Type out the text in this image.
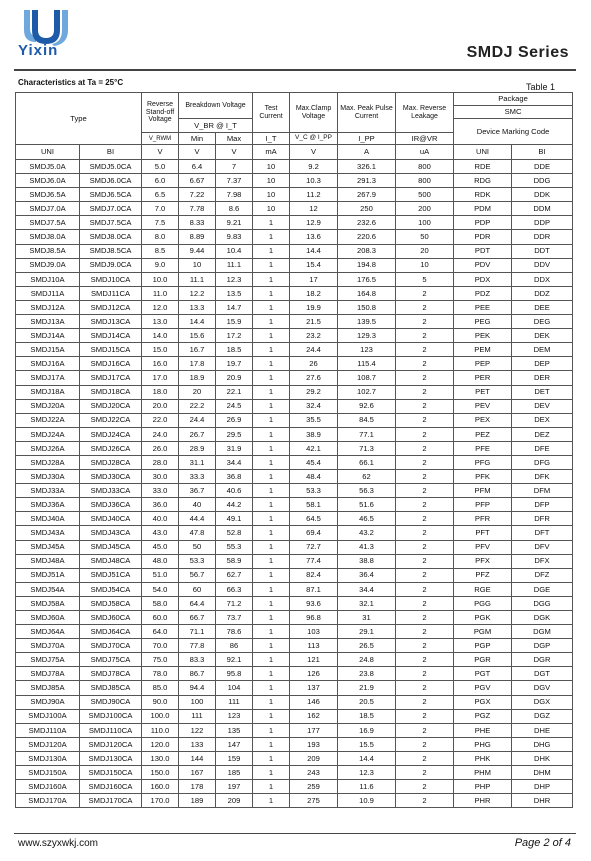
Yixin	SMDJ Series
Characteristics at Ta = 25°C	Table 1
Type		Reverse Stand-off Voltage	Breakdown Voltage		Test Current	Max.Clamp Voltage	Max. Peak Pulse Current	Max. Reverse Leakage	Package
SMC	

			V_BR @ I_T						Device Marking Code	
		V_RWM	Min	Max	I_T	V_C @ I_PP	I_PP	IR@VR		
UNI	BI	V	V	V	mA	V	A	uA	UNI	BI
SMDJ5.0A	SMDJ5.0CA	5.0	6.4	7	10	9.2	326.1	800	RDE	DDE
SMDJ6.0A	SMDJ6.0CA	6.0	6.67	7.37	10	10.3	291.3	800	RDG	DDG
SMDJ6.5A	SMDJ6.5CA	6.5	7.22	7.98	10	11.2	267.9	500	RDK	DDK
SMDJ7.0A	SMDJ7.0CA	7.0	7.78	8.6	10	12	250	200	PDM	DDM
SMDJ7.5A	SMDJ7.5CA	7.5	8.33	9.21	1	12.9	232.6	100	PDP	DDP
SMDJ8.0A	SMDJ8.0CA	8.0	8.89	9.83	1	13.6	220.6	50	PDR	DDR
SMDJ8.5A	SMDJ8.5CA	8.5	9.44	10.4	1	14.4	208.3	20	PDT	DDT
SMDJ9.0A	SMDJ9.0CA	9.0	10	11.1	1	15.4	194.8	10	PDV	DDV
SMDJ10A	SMDJ10CA	10.0	11.1	12.3	1	17	176.5	5	PDX	DDX
SMDJ11A	SMDJ11CA	11.0	12.2	13.5	1	18.2	164.8	2	PDZ	DDZ
SMDJ12A	SMDJ12CA	12.0	13.3	14.7	1	19.9	150.8	2	PEE	DEE
SMDJ13A	SMDJ13CA	13.0	14.4	15.9	1	21.5	139.5	2	PEG	DEG
SMDJ14A	SMDJ14CA	14.0	15.6	17.2	1	23.2	129.3	2	PEK	DEK
SMDJ15A	SMDJ15CA	15.0	16.7	18.5	1	24.4	123	2	PEM	DEM
SMDJ16A	SMDJ16CA	16.0	17.8	19.7	1	26	115.4	2	PEP	DEP
SMDJ17A	SMDJ17CA	17.0	18.9	20.9	1	27.6	108.7	2	PER	DER
SMDJ18A	SMDJ18CA	18.0	20	22.1	1	29.2	102.7	2	PET	DET
SMDJ20A	SMDJ20CA	20.0	22.2	24.5	1	32.4	92.6	2	PEV	DEV
SMDJ22A	SMDJ22CA	22.0	24.4	26.9	1	35.5	84.5	2	PEX	DEX
SMDJ24A	SMDJ24CA	24.0	26.7	29.5	1	38.9	77.1	2	PEZ	DEZ
SMDJ26A	SMDJ26CA	26.0	28.9	31.9	1	42.1	71.3	2	PFE	DFE
SMDJ28A	SMDJ28CA	28.0	31.1	34.4	1	45.4	66.1	2	PFG	DFG
SMDJ30A	SMDJ30CA	30.0	33.3	36.8	1	48.4	62	2	PFK	DFK
SMDJ33A	SMDJ33CA	33.0	36.7	40.6	1	53.3	56.3	2	PFM	DFM
SMDJ36A	SMDJ36CA	36.0	40	44.2	1	58.1	51.6	2	PFP	DFP
SMDJ40A	SMDJ40CA	40.0	44.4	49.1	1	64.5	46.5	2	PFR	DFR
SMDJ43A	SMDJ43CA	43.0	47.8	52.8	1	69.4	43.2	2	PFT	DFT
SMDJ45A	SMDJ45CA	45.0	50	55.3	1	72.7	41.3	2	PFV	DFV
SMDJ48A	SMDJ48CA	48.0	53.3	58.9	1	77.4	38.8	2	PFX	DFX
SMDJ51A	SMDJ51CA	51.0	56.7	62.7	1	82.4	36.4	2	PFZ	DFZ
SMDJ54A	SMDJ54CA	54.0	60	66.3	1	87.1	34.4	2	RGE	DGE
SMDJ58A	SMDJ58CA	58.0	64.4	71.2	1	93.6	32.1	2	PGG	DGG
SMDJ60A	SMDJ60CA	60.0	66.7	73.7	1	96.8	31	2	PGK	DGK
SMDJ64A	SMDJ64CA	64.0	71.1	78.6	1	103	29.1	2	PGM	DGM
SMDJ70A	SMDJ70CA	70.0	77.8	86	1	113	26.5	2	PGP	DGP
SMDJ75A	SMDJ75CA	75.0	83.3	92.1	1	121	24.8	2	PGR	DGR
SMDJ78A	SMDJ78CA	78.0	86.7	95.8	1	126	23.8	2	PGT	DGT
SMDJ85A	SMDJ85CA	85.0	94.4	104	1	137	21.9	2	PGV	DGV
SMDJ90A	SMDJ90CA	90.0	100	111	1	146	20.5	2	PGX	DGX
SMDJ100A	SMDJ100CA	100.0	111	123	1	162	18.5	2	PGZ	DGZ
SMDJ110A	SMDJ110CA	110.0	122	135	1	177	16.9	2	PHE	DHE
SMDJ120A	SMDJ120CA	120.0	133	147	1	193	15.5	2	PHG	DHG
SMDJ130A	SMDJ130CA	130.0	144	159	1	209	14.4	2	PHK	DHK
SMDJ150A	SMDJ150CA	150.0	167	185	1	243	12.3	2	PHM	DHM
SMDJ160A	SMDJ160CA	160.0	178	197	1	259	11.6	2	PHP	DHP
SMDJ170A	SMDJ170CA	170.0	189	209	1	275	10.9	2	PHR	DHR
www.szyxwkj.com	Page 2 of 4
